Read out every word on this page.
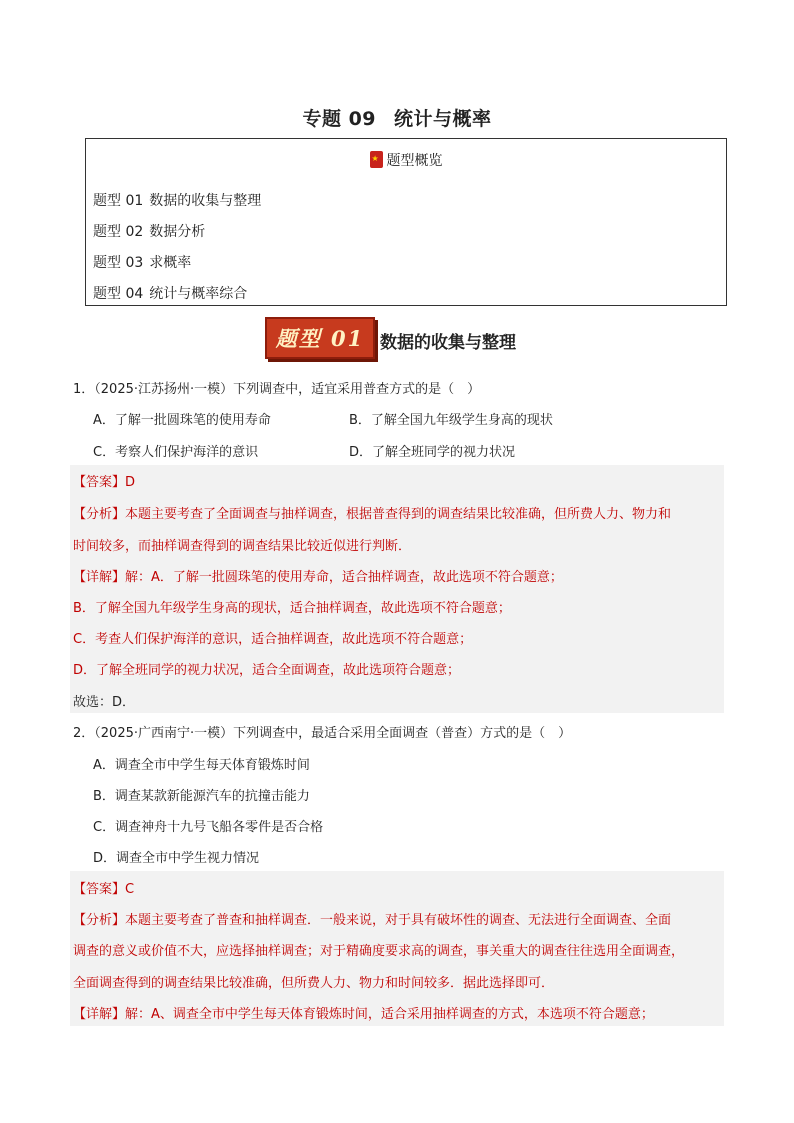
专题 09 统计与概率
★题型概览
题型 01 数据的收集与整理
题型 02 数据分析
题型 03 求概率
题型 04 统计与概率综合
题型 01 数据的收集与整理
1．（2025·江苏扬州·一模）下列调查中，适宜采用普查方式的是（　）
A．了解一批圆珠笔的使用寿命	B．了解全国九年级学生身高的现状
C．考察人们保护海洋的意识	D．了解全班同学的视力状况
【答案】D
【分析】本题主要考查了全面调查与抽样调查，根据普查得到的调查结果比较准确，但所费人力、物力和
时间较多，而抽样调查得到的调查结果比较近似进行判断．
【详解】解：A．了解一批圆珠笔的使用寿命，适合抽样调查，故此选项不符合题意；
B．了解全国九年级学生身高的现状，适合抽样调查，故此选项不符合题意；
C．考查人们保护海洋的意识，适合抽样调查，故此选项不符合题意；
D．了解全班同学的视力状况，适合全面调查，故此选项符合题意；
故选：D．
2．（2025·广西南宁·一模）下列调查中，最适合采用全面调查（普查）方式的是（　）
A．调查全市中学生每天体育锻炼时间
B．调查某款新能源汽车的抗撞击能力
C．调查神舟十九号飞船各零件是否合格
D．调查全市中学生视力情况
【答案】C
【分析】本题主要考查了普查和抽样调查．一般来说，对于具有破坏性的调查、无法进行全面调查、全面
调查的意义或价值不大，应选择抽样调查；对于精确度要求高的调查，事关重大的调查往往选用全面调查，
全面调查得到的调查结果比较准确，但所费人力、物力和时间较多．据此选择即可．
【详解】解：A、调查全市中学生每天体育锻炼时间，适合采用抽样调查的方式，本选项不符合题意；
